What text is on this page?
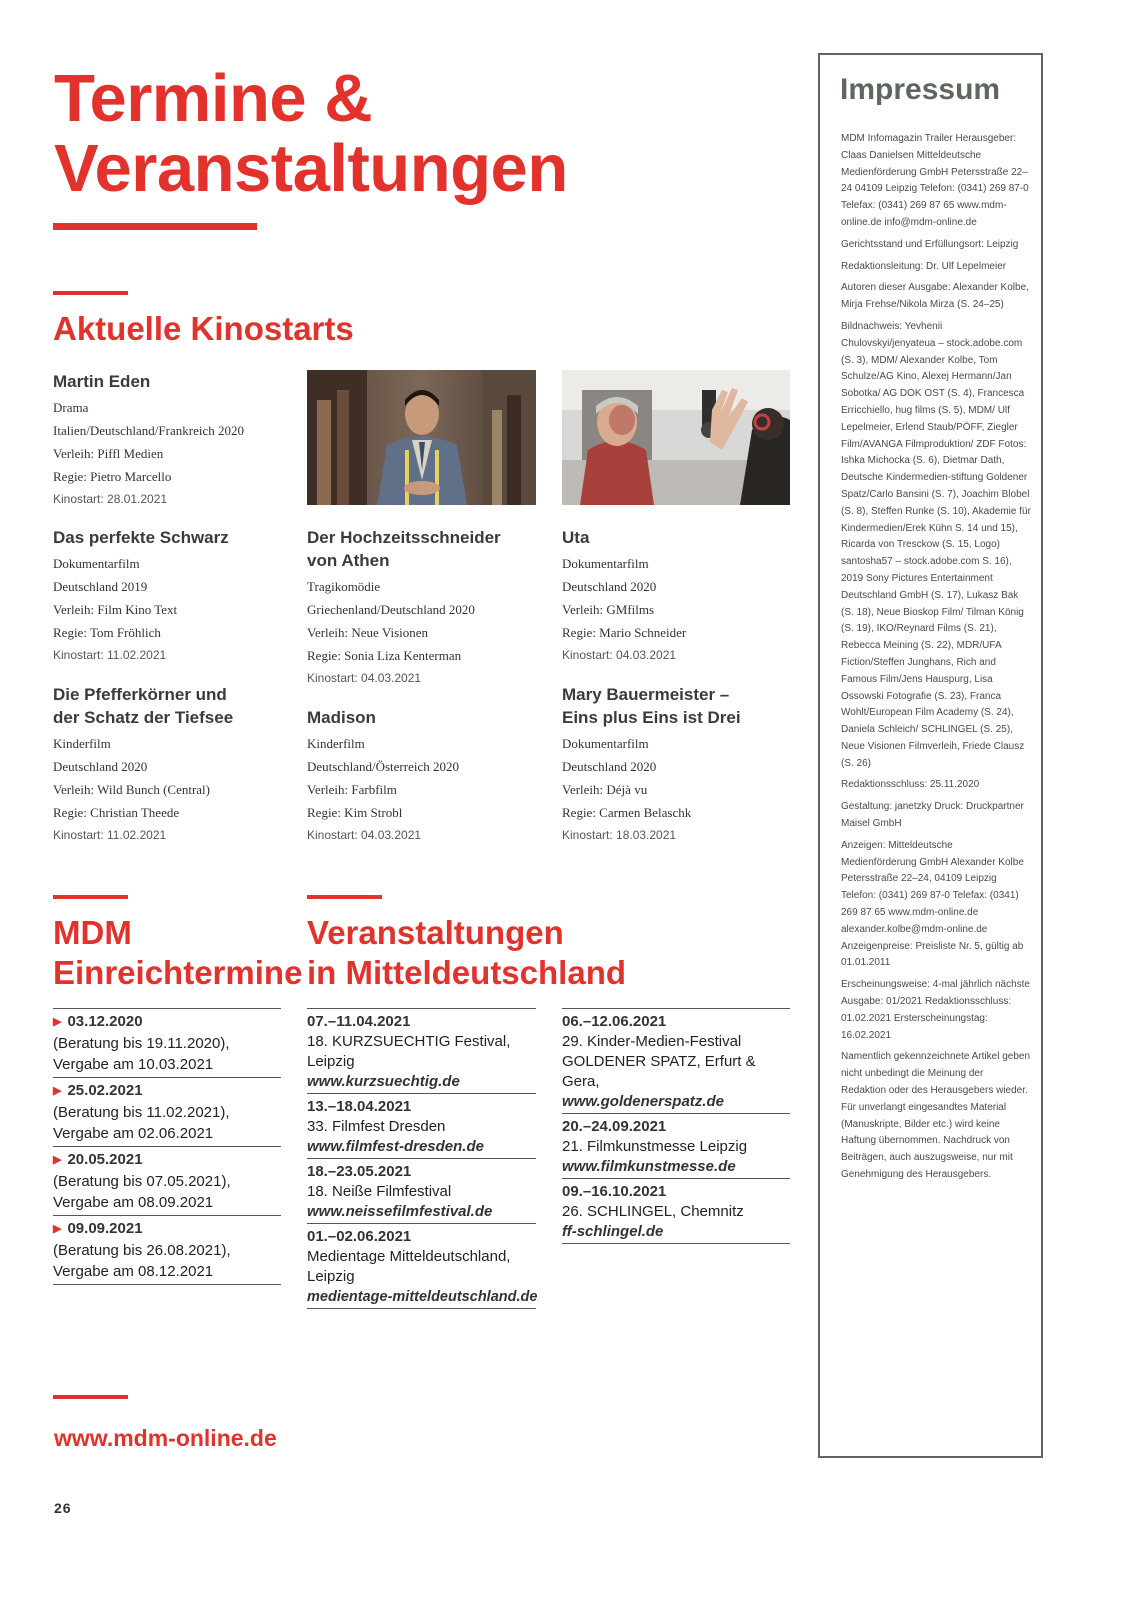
Termine &
Veranstaltungen
Aktuelle Kinostarts

Martin Eden

Drama

Italien/Deutschland/Frankreich 2020

Verleih: Piffl Medien

Regie: Pietro Marcello

Kinostart: 28.01.2021

Das perfekte Schwarz

Dokumentarfilm

Deutschland 2019

Verleih: Film Kino Text

Regie: Tom Fröhlich

Kinostart: 11.02.2021

Die Pfefferkörner und der Schatz der Tiefsee

Kinderfilm

Deutschland 2020

Verleih: Wild Bunch (Central)

Regie: Christian Theede

Kinostart: 11.02.2021

Der Hochzeitsschneider von Athen

Tragikomödie

Griechenland/Deutschland 2020

Verleih: Neue Visionen

Regie: Sonia Liza Kenterman

Kinostart: 04.03.2021

Madison

Kinderfilm

Deutschland/Österreich 2020

Verleih: Farbfilm

Regie: Kim Strobl

Kinostart: 04.03.2021

Uta

Dokumentarfilm

Deutschland 2020

Verleih: GMfilms

Regie: Mario Schneider

Kinostart: 04.03.2021

Mary Bauermeister – Eins plus Eins ist Drei

Dokumentarfilm

Deutschland 2020

Verleih: Déjà vu

Regie: Carmen Belaschk

Kinostart: 18.03.2021

MDM
Einreichtermine
▶ 03.12.2020
(Beratung bis 19.11.2020),
Vergabe am 10.03.2021
▶ 25.02.2021
(Beratung bis 11.02.2021),
Vergabe am 02.06.2021
▶ 20.05.2021
(Beratung bis 07.05.2021),
Vergabe am 08.09.2021
▶ 09.09.2021
(Beratung bis 26.08.2021),
Vergabe am 08.12.2021
Veranstaltungen
in Mitteldeutschland
07.–11.04.2021
18. KURZSUECHTIG Festival, Leipzig
www.kurzsuechtig.de
13.–18.04.2021
33. Filmfest Dresden
www.filmfest-dresden.de
18.–23.05.2021
18. Neiße Filmfestival
www.neissefilmfestival.de
01.–02.06.2021
Medientage Mitteldeutschland, Leipzig
medientage-mitteldeutschland.de
06.–12.06.2021
29. Kinder-Medien-Festival GOLDENER SPATZ, Erfurt & Gera,
www.goldenerspatz.de
20.–24.09.2021
21. Filmkunstmesse Leipzig
www.filmkunstmesse.de
09.–16.10.2021
26. SCHLINGEL, Chemnitz
ff-schlingel.de
www.mdm-online.de
26
Impressum

MDM Infomagazin Trailer Herausgeber: Claas Danielsen Mitteldeutsche Medienförderung GmbH Petersstraße 22–24 04109 Leipzig Telefon: (0341) 269 87-0 Telefax: (0341) 269 87 65 www.mdm-online.de info@mdm-online.de

Gerichtsstand und Erfüllungsort: Leipzig

Redaktionsleitung: Dr. Ulf Lepelmeier

Autoren dieser Ausgabe: Alexander Kolbe, Mirja Frehse/Nikola Mirza (S. 24–25)

Bildnachweis: Yevhenii Chulovskyi/jenyateua – stock.adobe.com (S. 3), MDM/ Alexander Kolbe, Tom Schulze/AG Kino, Alexej Hermann/Jan Sobotka/ AG DOK OST (S. 4), Francesca Erricchiello, hug films (S. 5), MDM/ Ulf Lepelmeier, Erlend Staub/PÖFF, Ziegler Film/AVANGA Filmproduktion/ ZDF Fotos: Ishka Michocka (S. 6), Dietmar Dath, Deutsche Kindermedien-stiftung Goldener Spatz/Carlo Bansini (S. 7), Joachim Blobel (S. 8), Steffen Runke (S. 10), Akademie für Kindermedien/Erek Kühn S. 14 und 15), Ricarda von Tresckow (S. 15, Logo) santosha57 – stock.adobe.com S. 16), 2019 Sony Pictures Entertainment Deutschland GmbH (S. 17), Lukasz Bak (S. 18), Neue Bioskop Film/ Tilman König (S. 19), IKO/Reynard Films (S. 21), Rebecca Meining (S. 22), MDR/UFA Fiction/Steffen Junghans, Rich and Famous Film/Jens Hauspurg, Lisa Ossowski Fotografie (S. 23), Franca Wohlt/European Film Academy (S. 24), Daniela Schleich/ SCHLINGEL (S. 25), Neue Visionen Filmverleih, Friede Clausz (S. 26)

Redaktionsschluss: 25.11.2020

Gestaltung: janetzky Druck: Druckpartner Maisel GmbH

Anzeigen: Mitteldeutsche Medienförderung GmbH Alexander Kolbe Petersstraße 22–24, 04109 Leipzig Telefon: (0341) 269 87-0 Telefax: (0341) 269 87 65 www.mdm-online.de alexander.kolbe@mdm-online.de Anzeigenpreise: Preisliste Nr. 5, gültig ab 01.01.2011

Erscheinungsweise: 4-mal jährlich nächste Ausgabe: 01/2021 Redaktionsschluss: 01.02.2021 Ersterscheinungstag: 16.02.2021

Namentlich gekennzeichnete Artikel geben nicht unbedingt die Meinung der Redaktion oder des Herausgebers wieder. Für unverlangt eingesandtes Material (Manuskripte, Bilder etc.) wird keine Haftung übernommen. Nachdruck von Beiträgen, auch auszugsweise, nur mit Genehmigung des Herausgebers.
